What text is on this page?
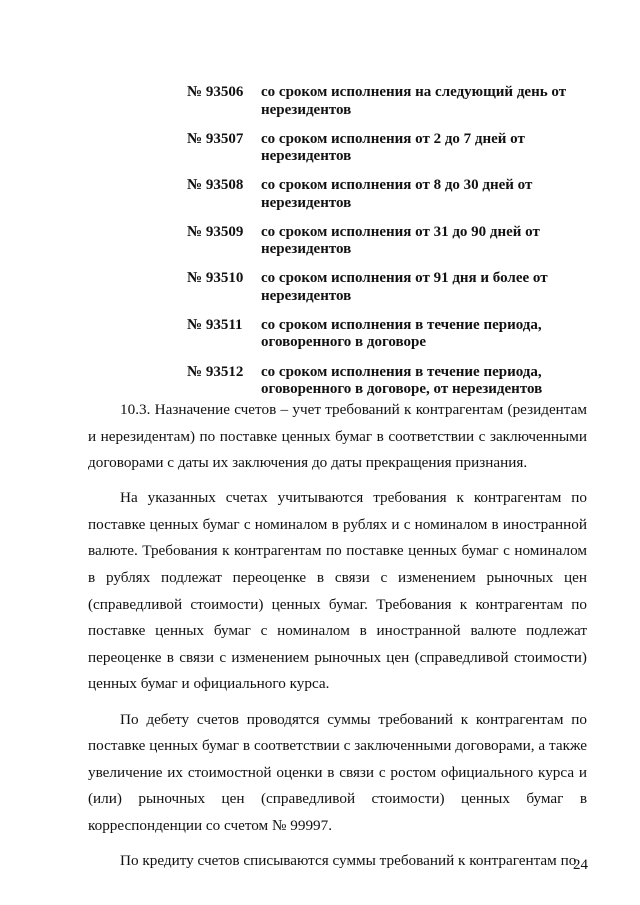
№ 93506	со сроком исполнения на следующий день от нерезидентов
№ 93507	со сроком исполнения от 2 до 7 дней от нерезидентов
№ 93508	со сроком исполнения от 8 до 30 дней от нерезидентов
№ 93509	со сроком исполнения от 31 до 90 дней от нерезидентов
№ 93510	со сроком исполнения от 91 дня и более от нерезидентов
№ 93511	со сроком исполнения в течение периода, оговоренного в договоре
№ 93512	со сроком исполнения в течение периода, оговоренного в договоре, от нерезидентов

10.3. Назначение счетов – учет требований к контрагентам (резидентам и нерезидентам) по поставке ценных бумаг в соответствии с заключенными договорами с даты их заключения до даты прекращения признания.

На указанных счетах учитываются требования к контрагентам по поставке ценных бумаг с номиналом в рублях и с номиналом в иностранной валюте. Требования к контрагентам по поставке ценных бумаг с номиналом в рублях подлежат переоценке в связи с изменением рыночных цен (справедливой стоимости) ценных бумаг. Требования к контрагентам по поставке ценных бумаг с номиналом в иностранной валюте подлежат переоценке в связи с изменением рыночных цен (справедливой стоимости) ценных бумаг и официального курса.

По дебету счетов проводятся суммы требований к контрагентам по поставке ценных бумаг в соответствии с заключенными договорами, а также увеличение их стоимостной оценки в связи с ростом официального курса и (или) рыночных цен (справедливой стоимости) ценных бумаг в корреспонденции со счетом № 99997.

По кредиту счетов списываются суммы требований к контрагентам по

24
